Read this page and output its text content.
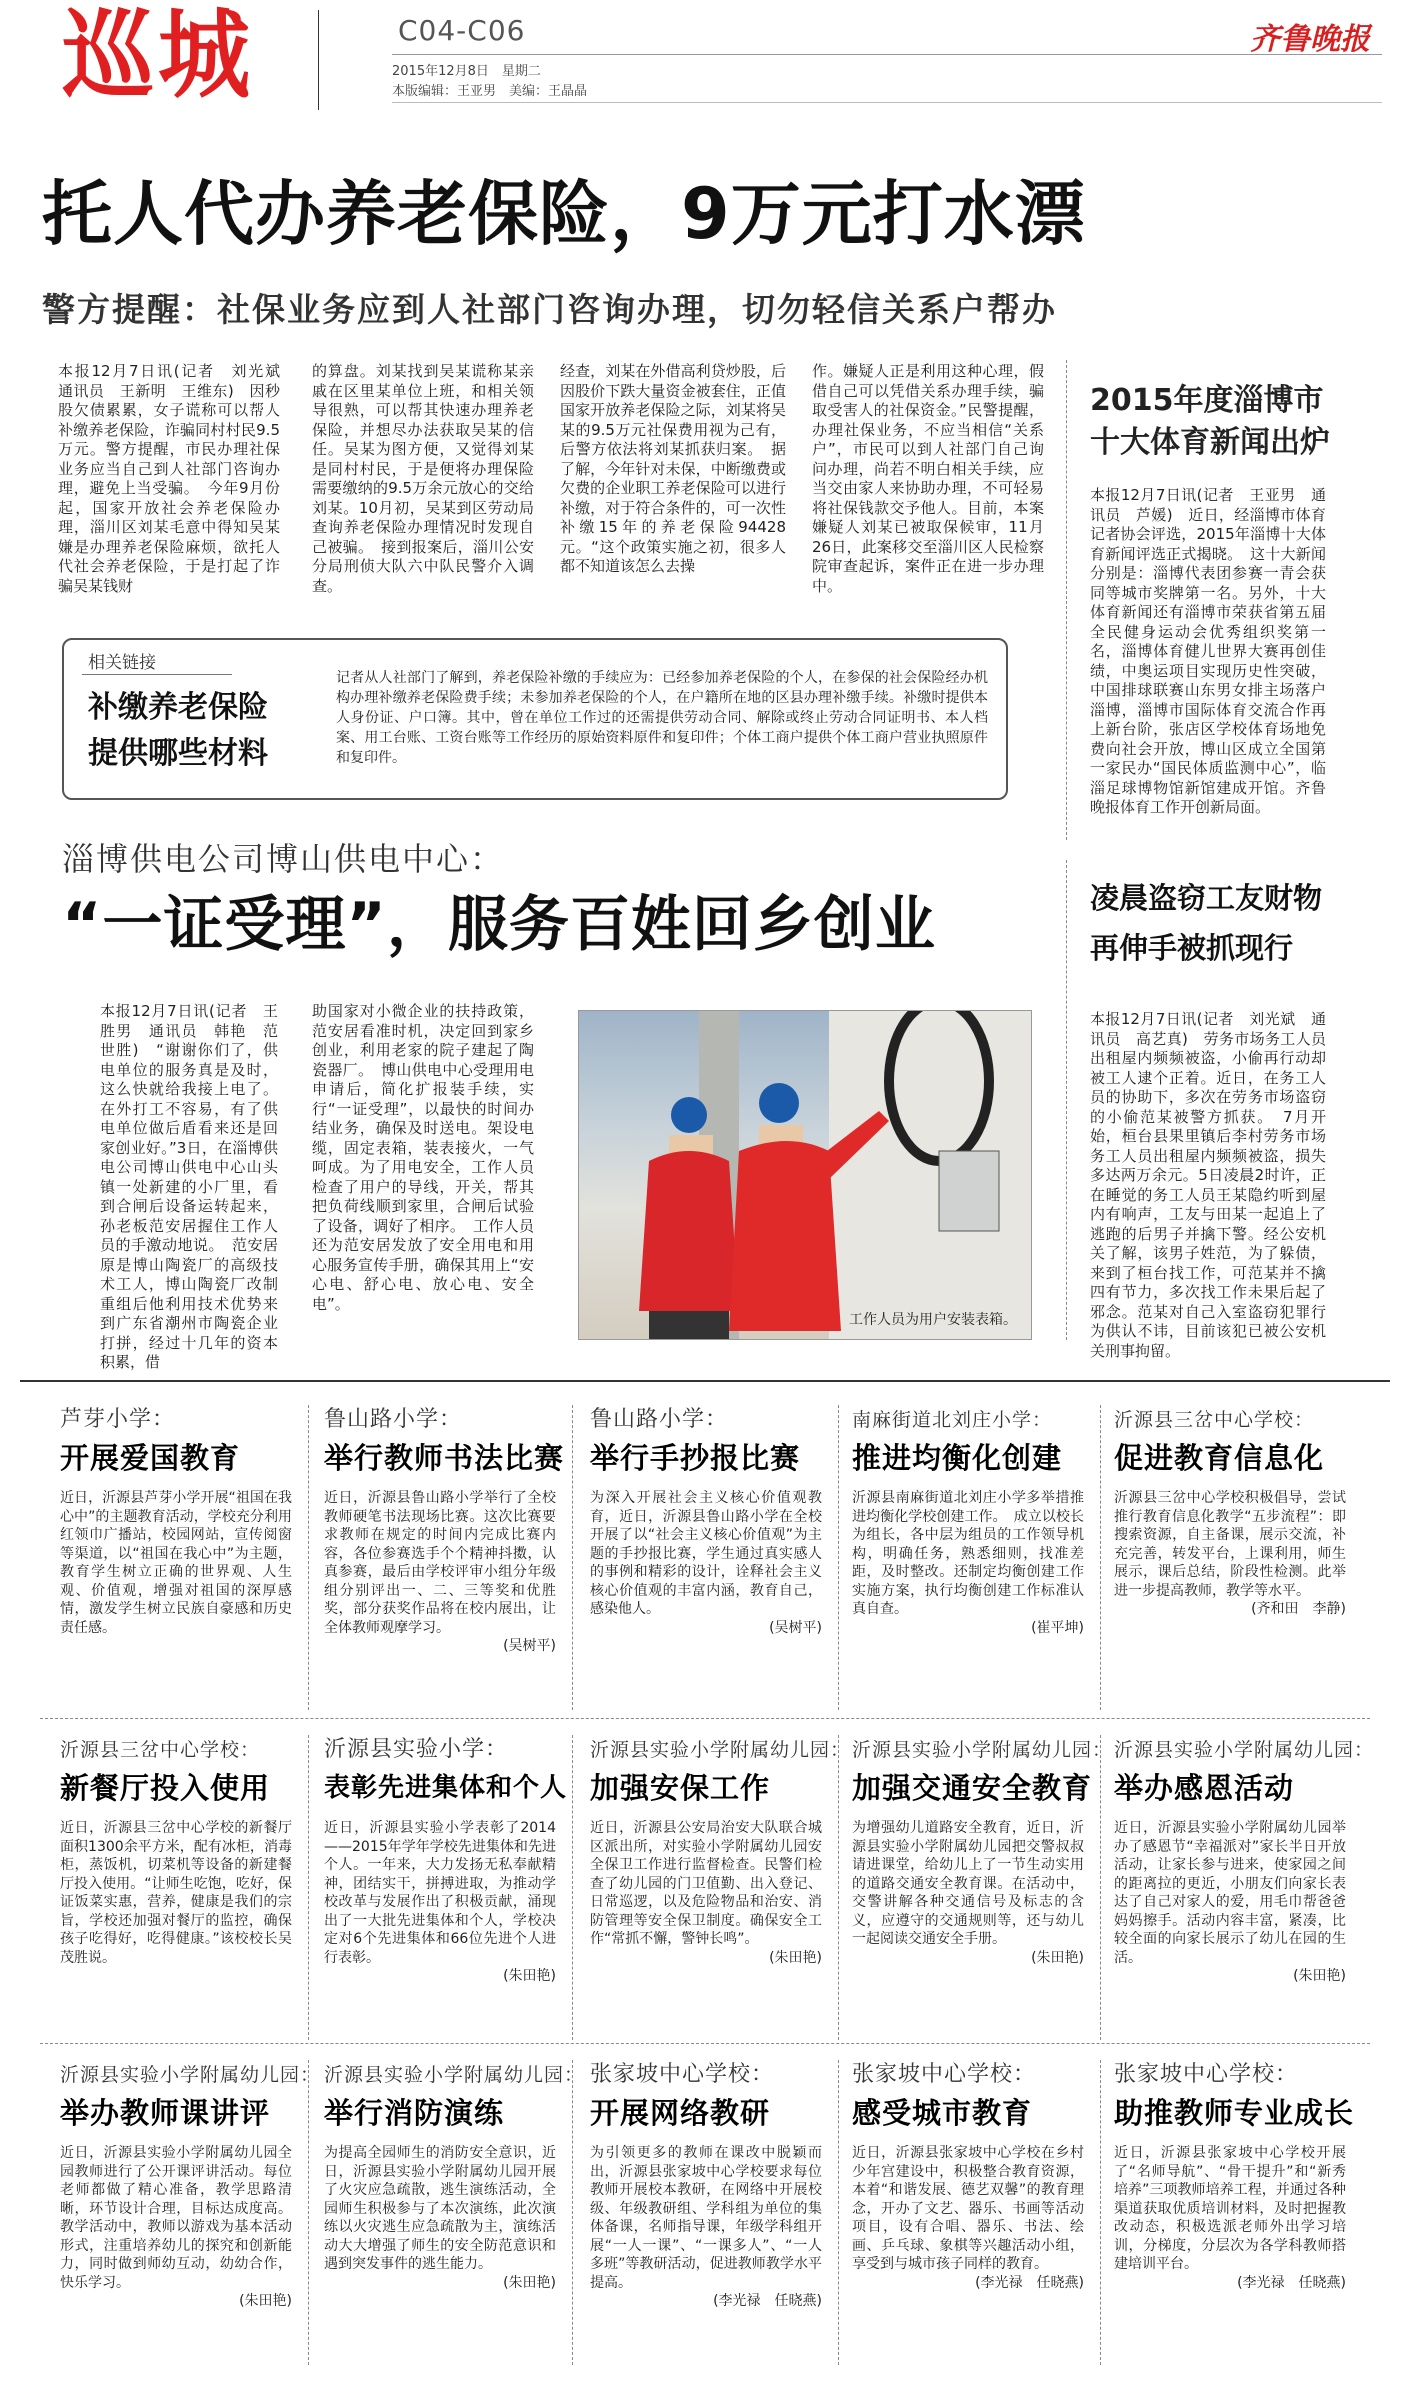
巡城	C04-C06
2015年12月8日　星期二
本版编辑：王亚男　美编：王晶晶
齐鲁晚报
托人代办养老保险，9万元打水漂
警方提醒：社保业务应到人社部门咨询办理，切勿轻信关系户帮办

本报12月7日讯(记者　刘光斌　通讯员　王新明　王维东)　因秒股欠债累累，女子谎称可以帮人补缴养老保险，诈骗同村村民9.5万元。警方提醒，市民办理社保业务应当自己到人社部门咨询办理，避免上当受骗。　今年9月份起，国家开放社会养老保险办理，淄川区刘某毛意中得知吴某嫌是办理养老保险麻烦，欲托人代社会养老保险，于是打起了诈骗吴某钱财

的算盘。刘某找到吴某谎称某亲戚在区里某单位上班，和相关领导很熟，可以帮其快速办理养老保险，并想尽办法获取吴某的信任。吴某为图方便，又觉得刘某是同村村民，于是便将办理保险需要缴纳的9.5万余元放心的交给刘某。10月初，吴某到区劳动局查询养老保险办理情况时发现自己被骗。　接到报案后，淄川公安分局刑侦大队六中队民警介入调查。

经查，刘某在外借高利贷炒股，后因股价下跌大量资金被套住，正值国家开放养老保险之际，刘某将吴某的9.5万元社保费用视为己有，后警方依法将刘某抓获归案。　据了解，今年针对未保，中断缴费或欠费的企业职工养老保险可以进行补缴，对于符合条件的，可一次性补缴15年的养老保险94428元。“这个政策实施之初，很多人都不知道该怎么去操

作。嫌疑人正是利用这种心理，假借自己可以凭借关系办理手续，骗取受害人的社保资金。”民警提醒，办理社保业务，不应当相信“关系户”，市民可以到人社部门自己询问办理，尚若不明白相关手续，应当交由家人来协助办理，不可轻易将社保钱款交予他人。目前，本案嫌疑人刘某已被取保候审，11月26日，此案移交至淄川区人民检察院审查起诉，案件正在进一步办理中。

相关链接
补缴养老保险
提供哪些材料

记者从人社部门了解到，养老保险补缴的手续应为：已经参加养老保险的个人，在参保的社会保险经办机构办理补缴养老保险费手续；未参加养老保险的个人，在户籍所在地的区县办理补缴手续。补缴时提供本人身份证、户口簿。其中，曾在单位工作过的还需提供劳动合同、解除或终止劳动合同证明书、本人档案、用工台账、工资台账等工作经历的原始资料原件和复印件；个体工商户提供个体工商户营业执照原件和复印件。

2015年度淄博市十大体育新闻出炉

本报12月7日讯(记者　王亚男　通讯员　芦媛)　近日，经淄博市体育记者协会评选，2015年淄博十大体育新闻评选正式揭晓。　这十大新闻分别是：淄博代表团参赛一青会获同等城市奖牌第一名。另外，十大体育新闻还有淄博市荣获省第五届全民健身运动会优秀组织奖第一名，淄博体育健儿世界大赛再创佳绩，中奥运项目实现历史性突破，中国排球联赛山东男女排主场落户淄博，淄博市国际体育交流合作再上新台阶，张店区学校体育场地免费向社会开放，博山区成立全国第一家民办“国民体质监测中心”，临淄足球博物馆新馆建成开馆。齐鲁晚报体育工作开创新局面。

淄博供电公司博山供电中心：
“一证受理”，服务百姓回乡创业

本报12月7日讯(记者　王胜男　通讯员　韩艳　范世胜)　“谢谢你们了，供电单位的服务真是及时，这么快就给我接上电了。在外打工不容易，有了供电单位做后盾看来还是回家创业好。”3日，在淄博供电公司博山供电中心山头镇一处新建的小厂里，看到合闸后设备运转起来，孙老板范安居握住工作人员的手激动地说。　范安居原是博山陶瓷厂的高级技术工人，博山陶瓷厂改制重组后他利用技术优势来到广东省潮州市陶瓷企业打拼，经过十几年的资本积累，借

助国家对小微企业的扶持政策，范安居看准时机，决定回到家乡创业，利用老家的院子建起了陶瓷器厂。　博山供电中心受理用电申请后，简化扩报装手续，实行“一证受理”，以最快的时间办结业务，确保及时送电。架设电缆，固定表箱，装表接火，一气呵成。为了用电安全，工作人员检查了用户的导线，开关，帮其把负荷线顺到家里，合闸后试验了设备，调好了相序。　工作人员还为范安居发放了安全用电和用心服务宣传手册，确保其用上“安心电、舒心电、放心电、安全电”。

工作人员为用户安装表箱。
凌晨盗窃工友财物
再伸手被抓现行

本报12月7日讯(记者　刘光斌　通讯员　高艺真)　劳务市场务工人员出租屋内频频被盗，小偷再行动却被工人逮个正着。近日，在务工人员的协助下，多次在劳务市场盗窃的小偷范某被警方抓获。　7月开始，桓台县果里镇后李村劳务市场务工人员出租屋内频频被盗，损失多达两万余元。5日凌晨2时许，正在睡觉的务工人员王某隐约听到屋内有响声，工友与田某一起追上了逃跑的后男子并擒下警。经公安机关了解，该男子姓范，为了躲债，来到了桓台找工作，可范某并不擒四有节力，多次找工作未果后起了邪念。范某对自己入室盗窃犯罪行为供认不讳，目前该犯已被公安机关刑事拘留。

芦芽小学：
开展爱国教育

近日，沂源县芦芽小学开展“祖国在我心中”的主题教育活动，学校充分利用红领巾广播站，校园网站，宣传阅窗等渠道，以“祖国在我心中”为主题，教育学生树立正确的世界观、人生观、价值观，增强对祖国的深厚感情，激发学生树立民族自豪感和历史责任感。

鲁山路小学：
举行教师书法比赛

近日，沂源县鲁山路小学举行了全校教师硬笔书法现场比赛。这次比赛要求教师在规定的时间内完成比赛内容，各位参赛选手个个精神抖擞，认真参赛，最后由学校评审小组分年级组分别评出一、二、三等奖和优胜奖，部分获奖作品将在校内展出，让全体教师观摩学习。

(吴树平)
鲁山路小学：
举行手抄报比赛

为深入开展社会主义核心价值观教育，近日，沂源县鲁山路小学在全校开展了以“社会主义核心价值观”为主题的手抄报比赛，学生通过真实感人的事例和精彩的设计，诠释社会主义核心价值观的丰富内涵，教育自己，感染他人。

(吴树平)
南麻街道北刘庄小学：
推进均衡化创建

沂源县南麻街道北刘庄小学多举措推进均衡化学校创建工作。　成立以校长为组长，各中层为组员的工作领导机构，明确任务，熟悉细则，找准差距，及时整改。还制定均衡创建工作实施方案，执行均衡创建工作标准认真自查。

(崔平坤)
沂源县三岔中心学校：
促进教育信息化

沂源县三岔中心学校积极倡导，尝试推行教育信息化教学“五步流程”：即搜索资源，自主备课，展示交流，补充完善，转发平台，上课利用，师生展示，课后总结，阶段性检测。此举进一步提高教师，教学等水平。

(齐和田　李静)
沂源县三岔中心学校：
新餐厅投入使用

近日，沂源县三岔中心学校的新餐厅面积1300余平方米，配有冰柜，消毒柜，蒸饭机，切菜机等设备的新建餐厅投入使用。“让师生吃饱，吃好，保证饭菜实惠，营养，健康是我们的宗旨，学校还加强对餐厅的监控，确保孩子吃得好，吃得健康。”该校校长吴茂胜说。

沂源县实验小学：
表彰先进集体和个人

近日，沂源县实验小学表彰了2014——2015年学年学校先进集体和先进个人。一年来，大力发扬无私奉献精神，团结实干，拼搏进取，为推动学校改革与发展作出了积极贡献，涌现出了一大批先进集体和个人，学校决定对6个先进集体和66位先进个人进行表彰。

(朱田艳)
沂源县实验小学附属幼儿园：
加强安保工作

近日，沂源县公安局治安大队联合城区派出所，对实验小学附属幼儿园安全保卫工作进行监督检查。民警们检查了幼儿园的门卫值勤、出入登记、日常巡逻，以及危险物品和治安、消防管理等安全保卫制度。确保安全工作“常抓不懈，警钟长鸣”。

(朱田艳)
沂源县实验小学附属幼儿园：
加强交通安全教育

为增强幼儿道路安全教育，近日，沂源县实验小学附属幼儿园把交警叔叔请进课堂，给幼儿上了一节生动实用的道路交通安全教育课。在活动中，交警讲解各种交通信号及标志的含义，应遵守的交通规则等，还与幼儿一起阅读交通安全手册。

(朱田艳)
沂源县实验小学附属幼儿园：
举办感恩活动

近日，沂源县实验小学附属幼儿园举办了感恩节“幸福派对”家长半日开放活动，让家长参与进来，使家园之间的距离拉的更近，小朋友们向家长表达了自己对家人的爱，用毛巾帮爸爸妈妈擦手。活动内容丰富，紧凑，比较全面的向家长展示了幼儿在园的生活。

(朱田艳)
沂源县实验小学附属幼儿园：
举办教师课讲评

近日，沂源县实验小学附属幼儿园全园教师进行了公开课评讲活动。每位老师都做了精心准备，教学思路清晰，环节设计合理，目标达成度高。教学活动中，教师以游戏为基本活动形式，注重培养幼儿的探究和创新能力，同时做到师幼互动，幼幼合作，快乐学习。

(朱田艳)
沂源县实验小学附属幼儿园：
举行消防演练

为提高全园师生的消防安全意识，近日，沂源县实验小学附属幼儿园开展了火灾应急疏散，逃生演练活动，全园师生积极参与了本次演练，此次演练以火灾逃生应急疏散为主，演练活动大大增强了师生的安全防范意识和遇到突发事件的逃生能力。

(朱田艳)
张家坡中心学校：
开展网络教研

为引领更多的教师在课改中脱颖而出，沂源县张家坡中心学校要求每位教师开展校本教研，在网络中开展校级、年级教研组、学科组为单位的集体备课，名师指导课，年级学科组开展“一人一课”、“一课多人”、“一人多班”等教研活动，促进教师教学水平提高。

(李光禄　任晓燕)
张家坡中心学校：
感受城市教育

近日，沂源县张家坡中心学校在乡村少年宫建设中，积极整合教育资源，本着“和谐发展、德艺双馨”的教育理念，开办了文艺、器乐、书画等活动项目，设有合唱、器乐、书法、绘画、乒乓球、象棋等兴趣活动小组，享受到与城市孩子同样的教育。

(李光禄　任晓燕)
张家坡中心学校：
助推教师专业成长

近日，沂源县张家坡中心学校开展了“名师导航”、“骨干提升”和“新秀培养”三项教师培养工程，并通过各种渠道获取优质培训材料，及时把握教改动态，积极选派老师外出学习培训，分梯度，分层次为各学科教师搭建培训平台。

(李光禄　任晓燕)
